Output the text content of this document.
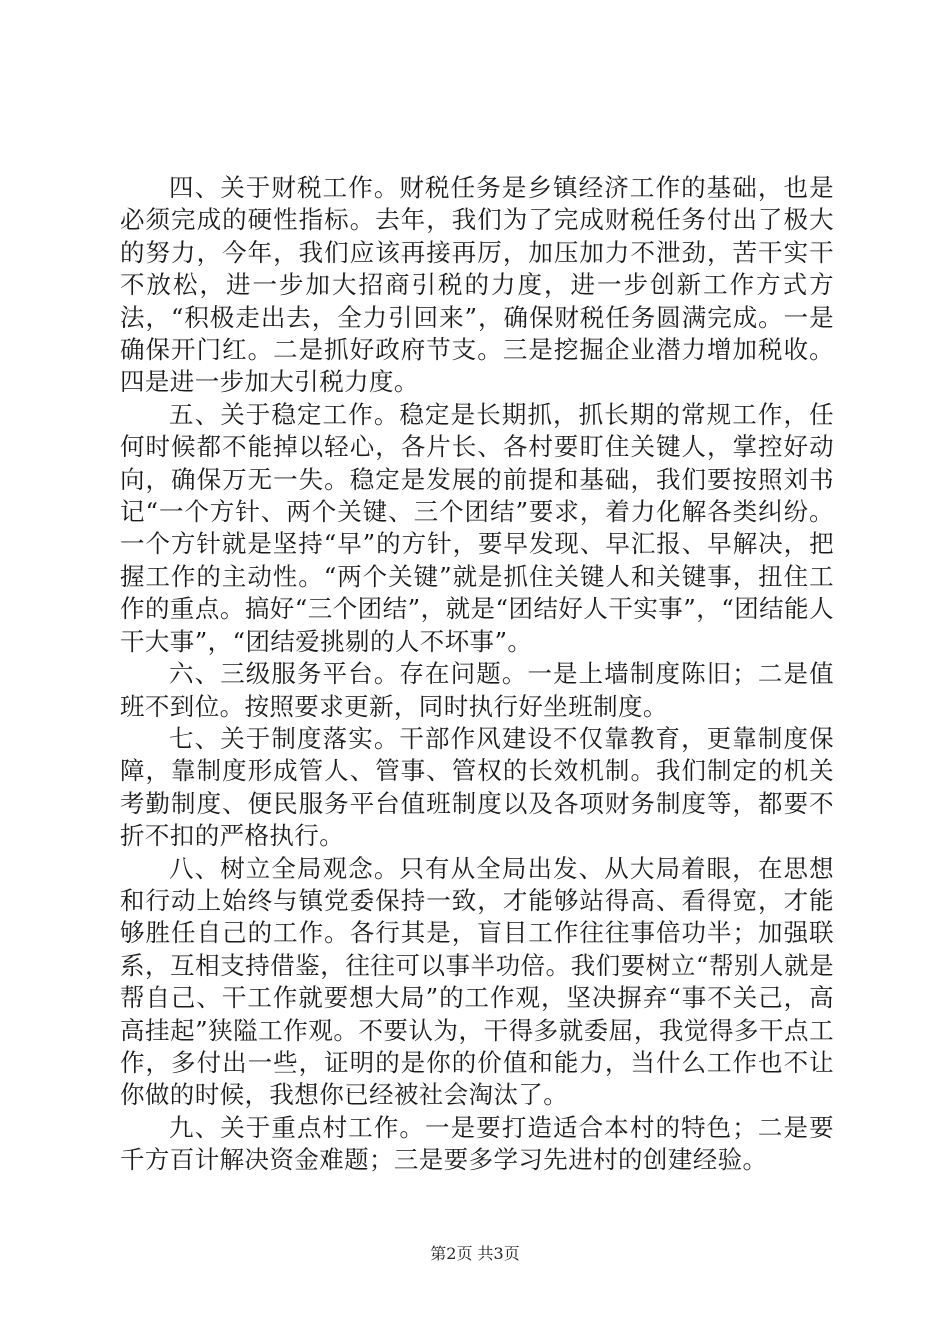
四、关于财税工作。财税任务是乡镇经济工作的基础，也是必须完成的硬性指标。去年，我们为了完成财税任务付出了极大的努力，今年，我们应该再接再厉，加压加力不泄劲，苦干实干不放松，进一步加大招商引税的力度，进一步创新工作方式方法，“积极走出去，全力引回来”，确保财税任务圆满完成。一是确保开门红。二是抓好政府节支。三是挖掘企业潜力增加税收。四是进一步加大引税力度。

五、关于稳定工作。稳定是长期抓，抓长期的常规工作，任何时候都不能掉以轻心，各片长、各村要盯住关键人，掌控好动向，确保万无一失。稳定是发展的前提和基础，我们要按照刘书记“一个方针、两个关键、三个团结”要求，着力化解各类纠纷。一个方针就是坚持“早”的方针，要早发现、早汇报、早解决，把握工作的主动性。“两个关键”就是抓住关键人和关键事，扭住工作的重点。搞好“三个团结”，就是“团结好人干实事”，“团结能人干大事”，“团结爱挑剔的人不坏事”。

六、三级服务平台。存在问题。一是上墙制度陈旧；二是值班不到位。按照要求更新，同时执行好坐班制度。

七、关于制度落实。干部作风建设不仅靠教育，更靠制度保障，靠制度形成管人、管事、管权的长效机制。我们制定的机关考勤制度、便民服务平台值班制度以及各项财务制度等，都要不折不扣的严格执行。

八、树立全局观念。只有从全局出发、从大局着眼，在思想和行动上始终与镇党委保持一致，才能够站得高、看得宽，才能够胜任自己的工作。各行其是，盲目工作往往事倍功半；加强联系，互相支持借鉴，往往可以事半功倍。我们要树立“帮别人就是帮自己、干工作就要想大局”的工作观，坚决摒弃“事不关己，高高挂起”狭隘工作观。不要认为，干得多就委屈，我觉得多干点工作，多付出一些，证明的是你的价值和能力，当什么工作也不让你做的时候，我想你已经被社会淘汰了。

九、关于重点村工作。一是要打造适合本村的特色；二是要千方百计解决资金难题；三是要多学习先进村的创建经验。

第2页 共3页
